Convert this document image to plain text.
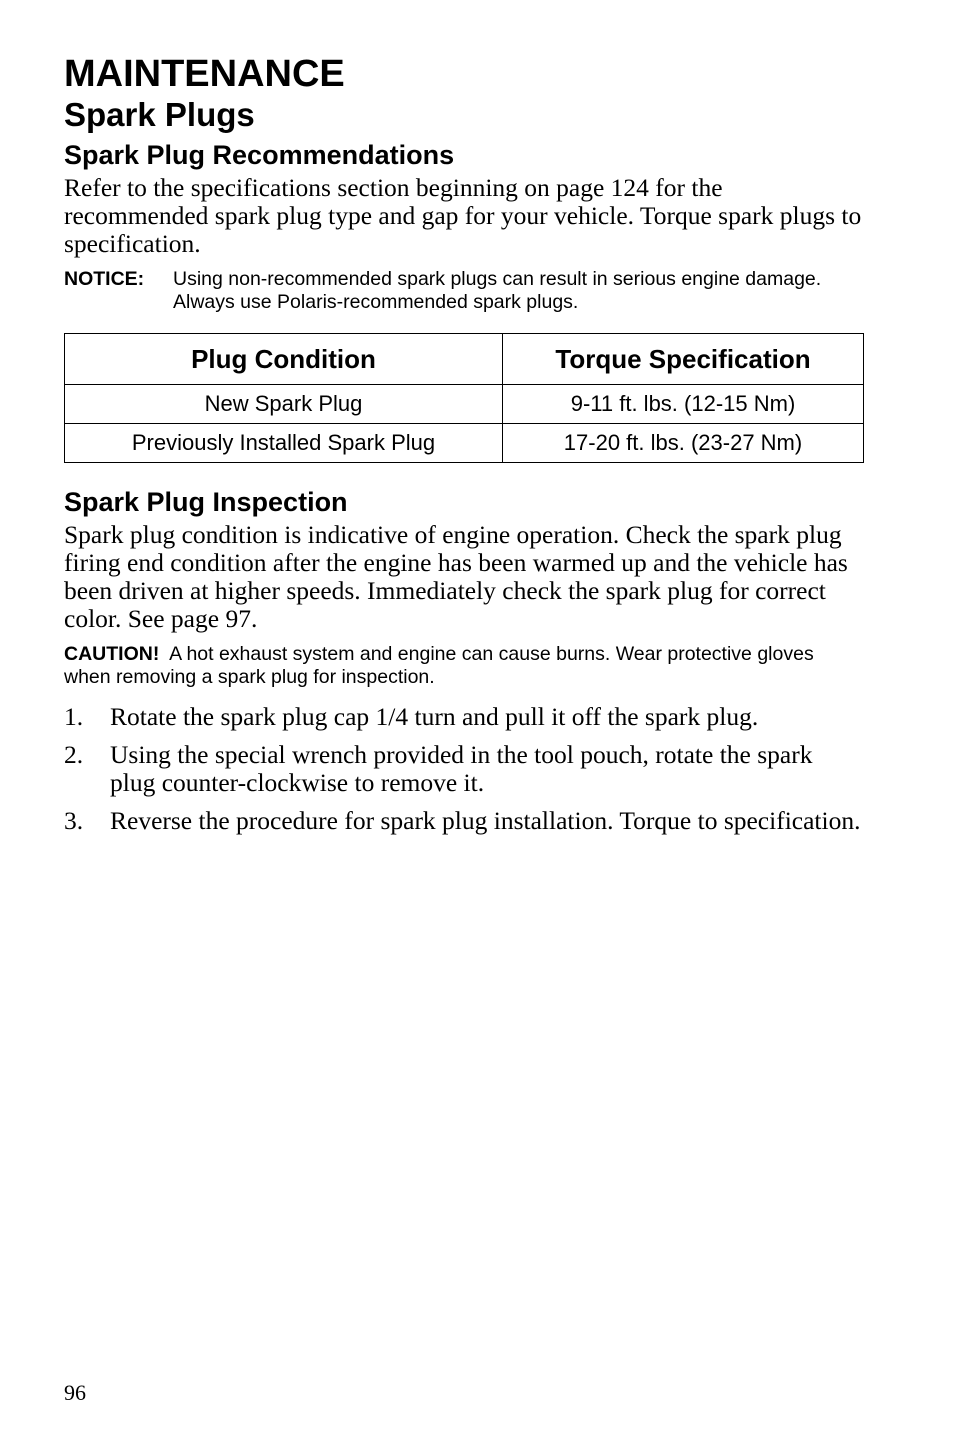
MAINTENANCE
Spark Plugs
Spark Plug Recommendations

Refer to the specifications section beginning on page 124 for the recommended spark plug type and gap for your vehicle. Torque spark plugs to specification.

NOTICE:	Using non-recommended spark plugs can result in serious engine damage. Always use Polaris-recommended spark plugs.
Plug Condition	Torque Specification
New Spark Plug	9-11 ft. lbs. (12-15 Nm)
Previously Installed Spark Plug	17-20 ft. lbs. (23-27 Nm)
Spark Plug Inspection

Spark plug condition is indicative of engine operation. Check the spark plug firing end condition after the engine has been warmed up and the vehicle has been driven at higher speeds. Immediately check the spark plug for correct color. See page 97.

CAUTION! A hot exhaust system and engine can cause burns. Wear protective gloves when removing a spark plug for inspection.

1. Rotate the spark plug cap 1/4 turn and pull it off the spark plug.
2. Using the special wrench provided in the tool pouch, rotate the spark plug counter-clockwise to remove it.
3. Reverse the procedure for spark plug installation. Torque to specification.
96
